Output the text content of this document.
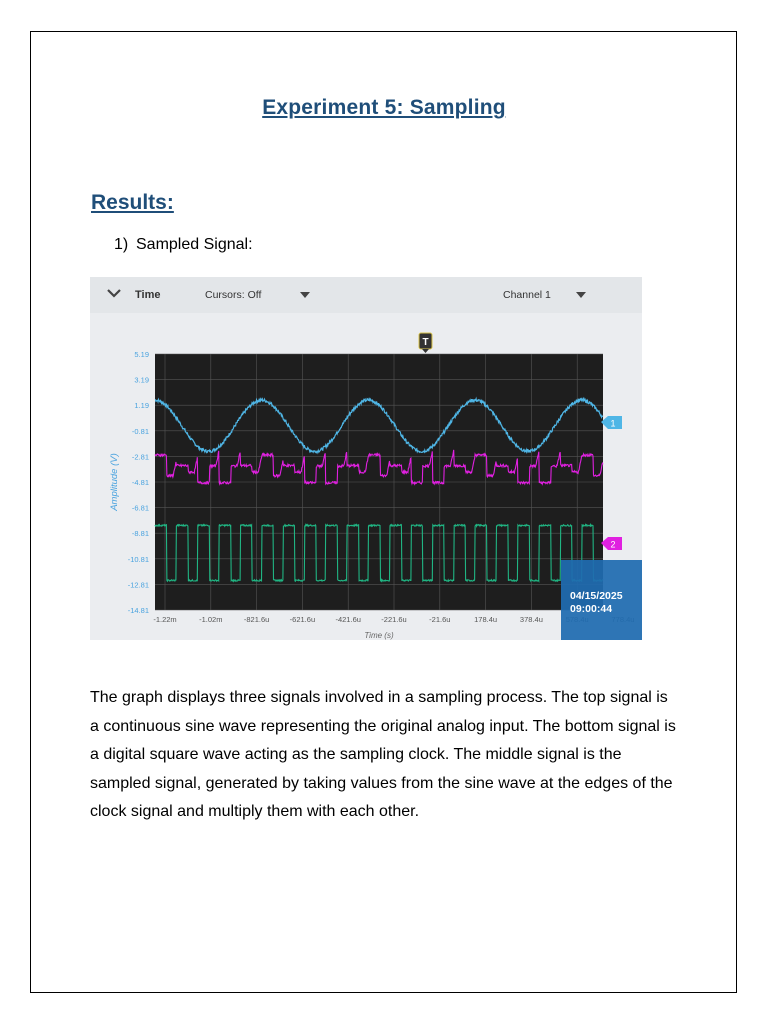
Experiment 5: Sampling
Results:
1) Sampled Signal:
Time	Cursors: Off	Channel 1
5.19
3.19
1.19
-0.81
-2.81
-4.81
-6.81
-8.81
-10.81
-12.81
-14.81
-1.22m	-1.02m	-821.6u	-621.6u	-421.6u	-221.6u	-21.6u	178.4u	378.4u
T
1
2
Amplitude (V)
Time (s)
04/15/2025
09:00:44
The graph displays three signals involved in a sampling process. The top signal is a continuous sine wave representing the original analog input. The bottom signal is a digital square wave acting as the sampling clock. The middle signal is the sampled signal, generated by taking values from the sine wave at the edges of the clock signal and multiply them with each other.
